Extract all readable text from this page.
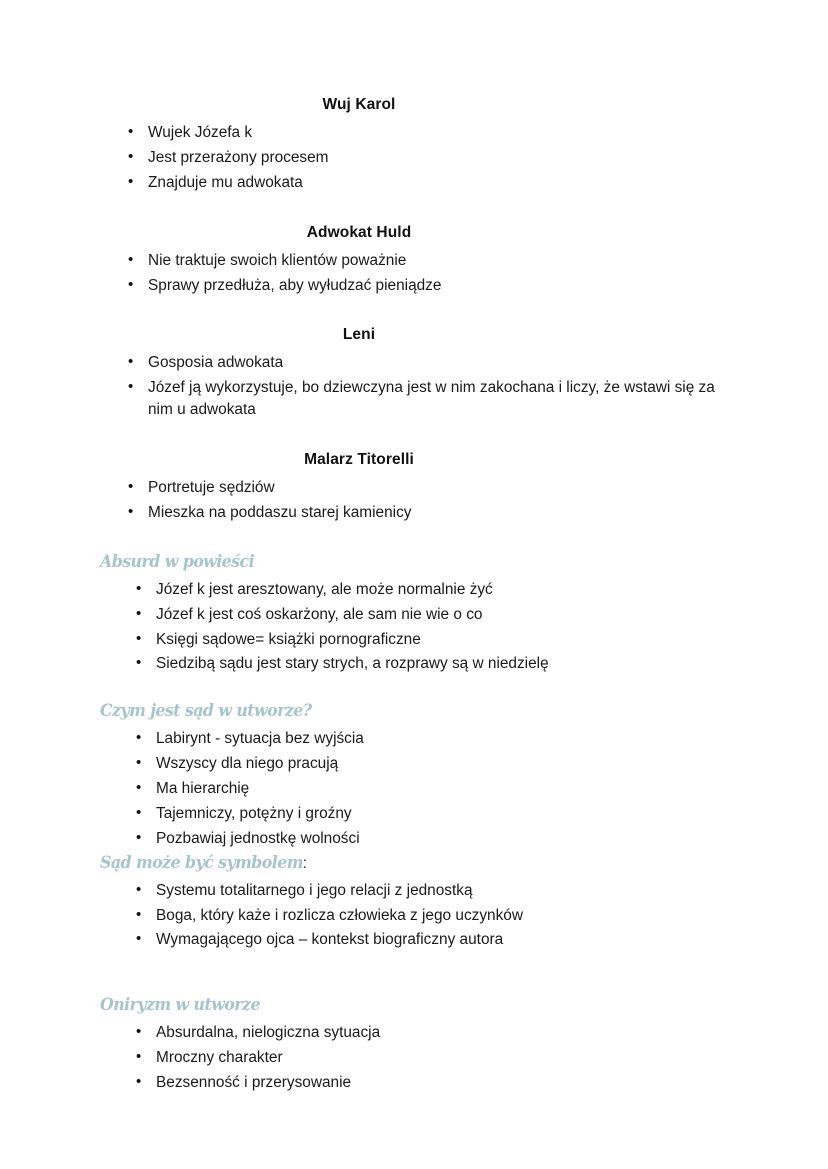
Wuj Karol
• Wujek Józefa k
• Jest przerażony procesem
• Znajduje mu adwokata
Adwokat Huld
• Nie traktuje swoich klientów poważnie
• Sprawy przedłuża, aby wyłudzać pieniądze
Leni
• Gosposia adwokata
• Józef ją wykorzystuje, bo dziewczyna jest w nim zakochana i liczy, że wstawi się za nim u adwokata
Malarz Titorelli
• Portretuje sędziów
• Mieszka na poddaszu starej kamienicy
Absurd w powieści
• Józef k jest aresztowany, ale może normalnie żyć
• Józef k jest coś oskarżony, ale sam nie wie o co
• Księgi sądowe= książki pornograficzne
• Siedzibą sądu jest stary strych, a rozprawy są w niedzielę
Czym jest sąd w utworze?
• Labirynt - sytuacja bez wyjścia
• Wszyscy dla niego pracują
• Ma hierarchię
• Tajemniczy, potężny i groźny
• Pozbawiaj jednostkę wolności
Sąd może być symbolem:
• Systemu totalitarnego i jego relacji z jednostką
• Boga, który każe i rozlicza człowieka z jego uczynków
• Wymagającego ojca – kontekst biograficzny autora
Oniryzm w utworze
• Absurdalna, nielogiczna sytuacja
• Mroczny charakter
• Bezsenność i przerysowanie
